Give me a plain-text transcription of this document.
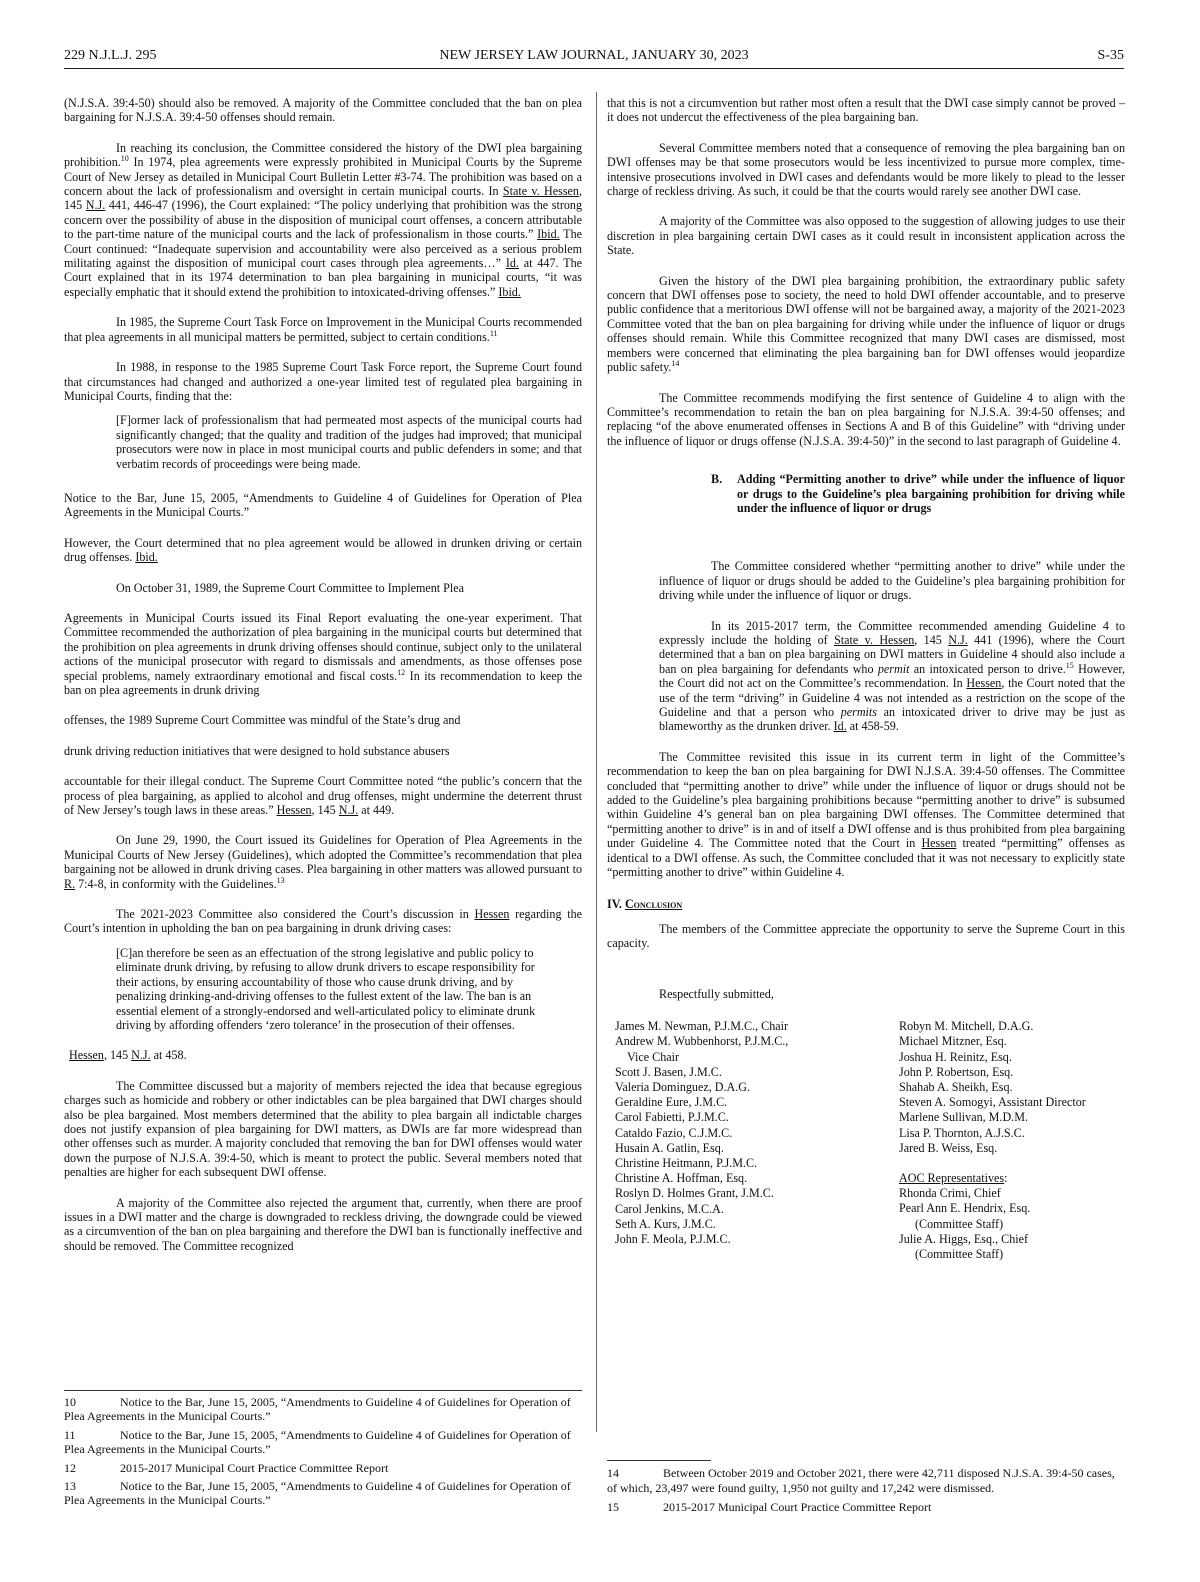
229 N.J.L.J. 295	NEW JERSEY LAW JOURNAL, JANUARY 30, 2023	S-35

(N.J.S.A. 39:4-50) should also be removed. A majority of the Committee concluded that the ban on plea bargaining for N.J.S.A. 39:4-50 offenses should remain.

In reaching its conclusion, the Committee considered the history of the DWI plea bargaining prohibition.$^{10}$ In 1974, plea agreements were expressly prohibited in Municipal Courts by the Supreme Court of New Jersey as detailed in Municipal Court Bulletin Letter #3-74. The prohibition was based on a concern about the lack of professionalism and oversight in certain municipal courts. In State v. Hessen, 145 N.J. 441, 446-47 (1996), the Court explained: “The policy underlying that prohibition was the strong concern over the possibility of abuse in the disposition of municipal court offenses, a concern attributable to the part-time nature of the municipal courts and the lack of professionalism in those courts.” Ibid. The Court continued: “Inadequate supervision and accountability were also perceived as a serious problem militating against the disposition of municipal court cases through plea agreements…” Id. at 447. The Court explained that in its 1974 determination to ban plea bargaining in municipal courts, “it was especially emphatic that it should extend the prohibition to intoxicated-driving offenses.” Ibid.

In 1985, the Supreme Court Task Force on Improvement in the Municipal Courts recommended that plea agreements in all municipal matters be permitted, subject to certain conditions.$^{11}$

In 1988, in response to the 1985 Supreme Court Task Force report, the Supreme Court found that circumstances had changed and authorized a one-year limited test of regulated plea bargaining in Municipal Courts, finding that the:

[F]ormer lack of professionalism that had permeated most aspects of the municipal courts had significantly changed; that the quality and tradition of the judges had improved; that municipal prosecutors were now in place in most municipal courts and public defenders in some; and that verbatim records of proceedings were being made.

Notice to the Bar, June 15, 2005, “Amendments to Guideline 4 of Guidelines for Operation of Plea Agreements in the Municipal Courts.”

However, the Court determined that no plea agreement would be allowed in drunken driving or certain drug offenses. Ibid.

On October 31, 1989, the Supreme Court Committee to Implement Plea

Agreements in Municipal Courts issued its Final Report evaluating the one-year experiment. That Committee recommended the authorization of plea bargaining in the municipal courts but determined that the prohibition on plea agreements in drunk driving offenses should continue, subject only to the unilateral actions of the municipal prosecutor with regard to dismissals and amendments, as those offenses pose special problems, namely extraordinary emotional and fiscal costs.$^{12}$ In its recommendation to keep the ban on plea agreements in drunk driving

offenses, the 1989 Supreme Court Committee was mindful of the State’s drug and

drunk driving reduction initiatives that were designed to hold substance abusers

accountable for their illegal conduct. The Supreme Court Committee noted “the public’s concern that the process of plea bargaining, as applied to alcohol and drug offenses, might undermine the deterrent thrust of New Jersey’s tough laws in these areas.” Hessen, 145 N.J. at 449.

On June 29, 1990, the Court issued its Guidelines for Operation of Plea Agreements in the Municipal Courts of New Jersey (Guidelines), which adopted the Committee’s recommendation that plea bargaining not be allowed in drunk driving cases. Plea bargaining in other matters was allowed pursuant to R. 7:4-8, in conformity with the Guidelines.$^{13}$

The 2021-2023 Committee also considered the Court’s discussion in Hessen regarding the Court’s intention in upholding the ban on pea bargaining in drunk driving cases:

[C]an therefore be seen as an effectuation of the strong legislative and public policy to eliminate drunk driving, by refusing to allow drunk drivers to escape responsibility for their actions, by ensuring accountability of those who cause drunk driving, and by penalizing drinking-and-driving offenses to the fullest extent of the law. The ban is an essential element of a strongly-endorsed and well-articulated policy to eliminate drunk driving by affording offenders ‘zero tolerance’ in the prosecution of their offenses.

Hessen, 145 N.J. at 458.

The Committee discussed but a majority of members rejected the idea that because egregious charges such as homicide and robbery or other indictables can be plea bargained that DWI charges should also be plea bargained. Most members determined that the ability to plea bargain all indictable charges does not justify expansion of plea bargaining for DWI matters, as DWIs are far more widespread than other offenses such as murder. A majority concluded that removing the ban for DWI offenses would water down the purpose of N.J.S.A. 39:4-50, which is meant to protect the public. Several members noted that penalties are higher for each subsequent DWI offense.

A majority of the Committee also rejected the argument that, currently, when there are proof issues in a DWI matter and the charge is downgraded to reckless driving, the downgrade could be viewed as a circumvention of the ban on plea bargaining and therefore the DWI ban is functionally ineffective and should be removed. The Committee recognized

that this is not a circumvention but rather most often a result that the DWI case simply cannot be proved – it does not undercut the effectiveness of the plea bargaining ban.

Several Committee members noted that a consequence of removing the plea bargaining ban on DWI offenses may be that some prosecutors would be less incentivized to pursue more complex, time-intensive prosecutions involved in DWI cases and defendants would be more likely to plead to the lesser charge of reckless driving. As such, it could be that the courts would rarely see another DWI case.

A majority of the Committee was also opposed to the suggestion of allowing judges to use their discretion in plea bargaining certain DWI cases as it could result in inconsistent application across the State.

Given the history of the DWI plea bargaining prohibition, the extraordinary public safety concern that DWI offenses pose to society, the need to hold DWI offender accountable, and to preserve public confidence that a meritorious DWI offense will not be bargained away, a majority of the 2021-2023 Committee voted that the ban on plea bargaining for driving while under the influence of liquor or drugs offenses should remain. While this Committee recognized that many DWI cases are dismissed, most members were concerned that eliminating the plea bargaining ban for DWI offenses would jeopardize public safety.$^{14}$

The Committee recommends modifying the first sentence of Guideline 4 to align with the Committee’s recommendation to retain the ban on plea bargaining for N.J.S.A. 39:4-50 offenses; and replacing “of the above enumerated offenses in Sections A and B of this Guideline” with “driving under the influence of liquor or drugs offense (N.J.S.A. 39:4-50)” in the second to last paragraph of Guideline 4.

B.	Adding “Permitting another to drive” while under the influence of liquor or drugs to the Guideline’s plea bargaining prohibition for driving while under the influence of liquor or drugs

The Committee considered whether “permitting another to drive” while under the influence of liquor or drugs should be added to the Guideline’s plea bargaining prohibition for driving while under the influence of liquor or drugs.

In its 2015-2017 term, the Committee recommended amending Guideline 4 to expressly include the holding of State v. Hessen, 145 N.J. 441 (1996), where the Court determined that a ban on plea bargaining on DWI matters in Guideline 4 should also include a ban on plea bargaining for defendants who permit an intoxicated person to drive.$^{15}$ However, the Court did not act on the Committee’s recommendation. In Hessen, the Court noted that the use of the term “driving” in Guideline 4 was not intended as a restriction on the scope of the Guideline and that a person who permits an intoxicated driver to drive may be just as blameworthy as the drunken driver. Id. at 458-59.

The Committee revisited this issue in its current term in light of the Committee’s recommendation to keep the ban on plea bargaining for DWI N.J.S.A. 39:4-50 offenses. The Committee concluded that “permitting another to drive” while under the influence of liquor or drugs should not be added to the Guideline’s plea bargaining prohibitions because “permitting another to drive” is subsumed within Guideline 4’s general ban on plea bargaining DWI offenses. The Committee determined that “permitting another to drive” is in and of itself a DWI offense and is thus prohibited from plea bargaining under Guideline 4. The Committee noted that the Court in Hessen treated “permitting” offenses as identical to a DWI offense. As such, the Committee concluded that it was not necessary to explicitly state “permitting another to drive” within Guideline 4.

IV. Conclusion

The members of the Committee appreciate the opportunity to serve the Supreme Court in this capacity.

Respectfully submitted,
James M. Newman, P.J.M.C., Chair
Andrew M. Wubbenhorst, P.J.M.C.,
Vice Chair
Scott J. Basen, J.M.C.
Valeria Dominguez, D.A.G.
Geraldine Eure, J.M.C.
Carol Fabietti, P.J.M.C.
Cataldo Fazio, C.J.M.C.
Husain A. Gatlin, Esq.
Christine Heitmann, P.J.M.C.
Christine A. Hoffman, Esq.
Roslyn D. Holmes Grant, J.M.C.
Carol Jenkins, M.C.A.
Seth A. Kurs, J.M.C.
John F. Meola, P.J.M.C.
Robyn M. Mitchell, D.A.G.
Michael Mitzner, Esq.
Joshua H. Reinitz, Esq.
John P. Robertson, Esq.
Shahab A. Sheikh, Esq.
Steven A. Somogyi, Assistant Director
Marlene Sullivan, M.D.M.
Lisa P. Thornton, A.J.S.C.
Jared B. Weiss, Esq.
AOC Representatives:
Rhonda Crimi, Chief
Pearl Ann E. Hendrix, Esq.
(Committee Staff)
Julie A. Higgs, Esq., Chief
(Committee Staff)
10	Notice to the Bar, June 15, 2005, “Amendments to Guideline 4 of Guidelines for Operation of Plea Agreements in the Municipal Courts.”
11	Notice to the Bar, June 15, 2005, “Amendments to Guideline 4 of Guidelines for Operation of Plea Agreements in the Municipal Courts.”
12	2015-2017 Municipal Court Practice Committee Report
13	Notice to the Bar, June 15, 2005, “Amendments to Guideline 4 of Guidelines for Operation of Plea Agreements in the Municipal Courts.”
14	Between October 2019 and October 2021, there were 42,711 disposed N.J.S.A. 39:4-50 cases, of which, 23,497 were found guilty, 1,950 not guilty and 17,242 were dismissed.
15	2015-2017 Municipal Court Practice Committee Report
